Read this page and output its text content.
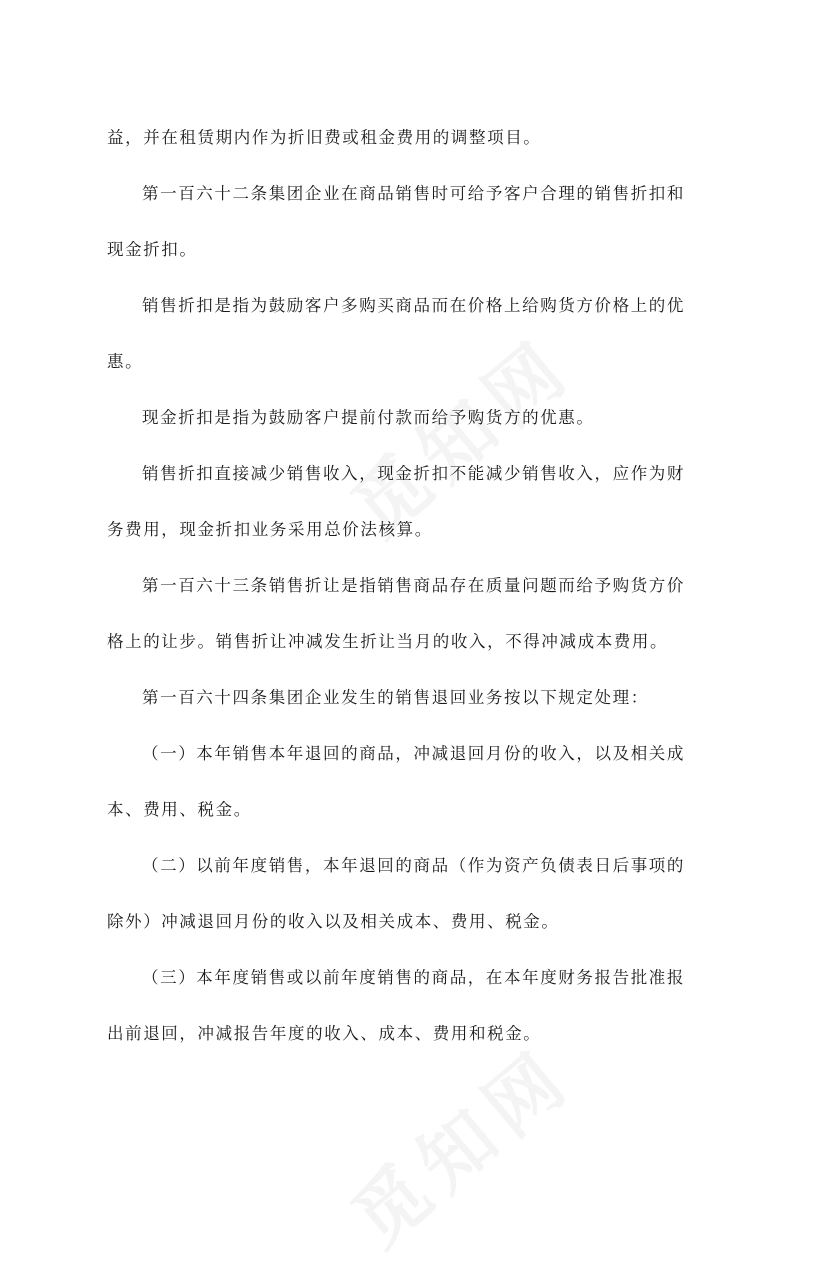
益，并在租赁期内作为折旧费或租金费用的调整项目。
第一百六十二条集团企业在商品销售时可给予客户合理的销售折扣和
现金折扣。
销售折扣是指为鼓励客户多购买商品而在价格上给购货方价格上的优
惠。
现金折扣是指为鼓励客户提前付款而给予购货方的优惠。
销售折扣直接减少销售收入，现金折扣不能减少销售收入，应作为财
务费用，现金折扣业务采用总价法核算。
第一百六十三条销售折让是指销售商品存在质量问题而给予购货方价
格上的让步。销售折让冲减发生折让当月的收入，不得冲减成本费用。
第一百六十四条集团企业发生的销售退回业务按以下规定处理：
（一）本年销售本年退回的商品，冲减退回月份的收入，以及相关成
本、费用、税金。
（二）以前年度销售，本年退回的商品（作为资产负债表日后事项的
除外）冲减退回月份的收入以及相关成本、费用、税金。
（三）本年度销售或以前年度销售的商品，在本年度财务报告批准报
出前退回，冲减报告年度的收入、成本、费用和税金。
